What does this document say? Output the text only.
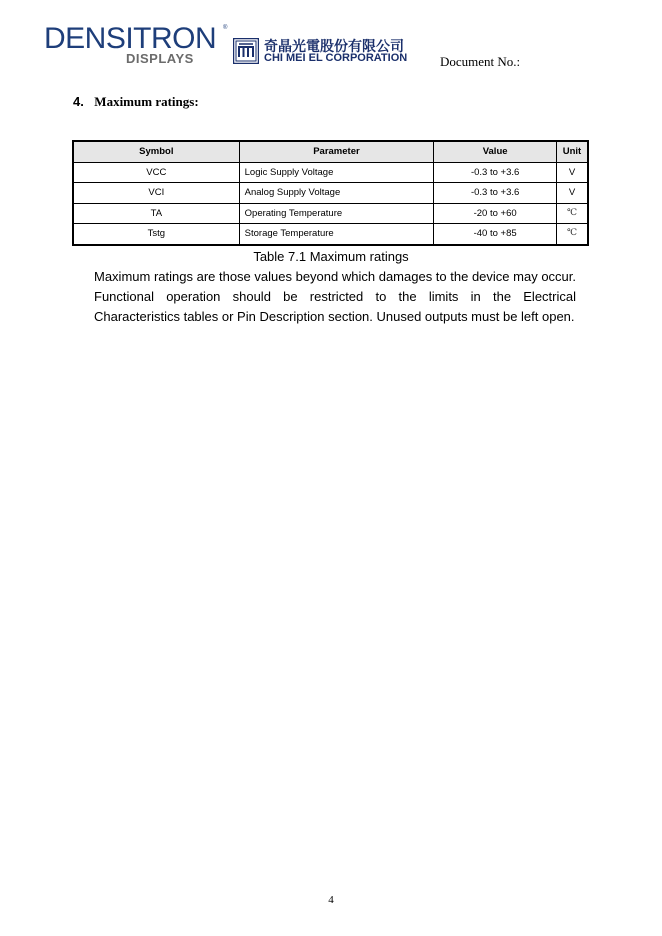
DENSITRON ®
DISPLAYS
奇晶光電股份有限公司
CHI MEI EL CORPORATION	Document No.:
4. Maximum ratings:
Symbol	Parameter	Value	Unit
VCC	Logic Supply Voltage	-0.3 to +3.6	V
VCI	Analog Supply Voltage	-0.3 to +3.6	V
TA	Operating Temperature	-20 to +60	℃
Tstg	Storage Temperature	-40 to +85	℃
Table 7.1 Maximum ratings

Maximum ratings are those values beyond which damages to the device may occur. Functional operation should be restricted to the limits in the Electrical Characteristics tables or Pin Description section. Unused outputs must be left open.

4
